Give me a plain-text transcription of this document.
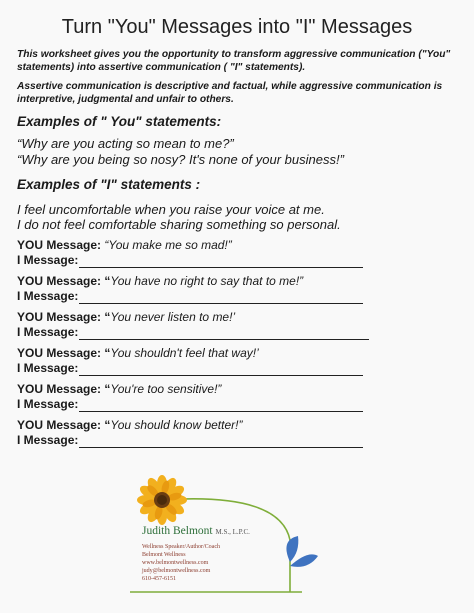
Turn "You" Messages into "I" Messages
This worksheet gives you the opportunity to transform aggressive communication ("You" statements) into assertive communication ( "I" statements).
Assertive communication is descriptive and factual, while aggressive communication is interpretive, judgmental and unfair to others.
Examples of " You" statements:
“Why are you acting so mean to me?”
“Why are you being so nosy? It's none of your business!”
Examples of "I" statements :
I feel uncomfortable when you raise your voice at me.
I do not feel comfortable sharing something so personal.
YOU Message: “You make me so mad!”
I Message:
YOU Message: “You have no right to say that to me!”
I Message:
YOU Message: “You never listen to me!’
I Message:
YOU Message: “You shouldn't feel that way!’
I Message:
YOU Message: “You're too sensitive!”
I Message:
YOU Message: “You should know better!”
I Message:
Judith Belmont M.S., L.P.C.
Wellness Speaker/Author/Coach
Belmont Wellness
www.belmontwellness.com
judy@belmontwellness.com
610-457-6151
